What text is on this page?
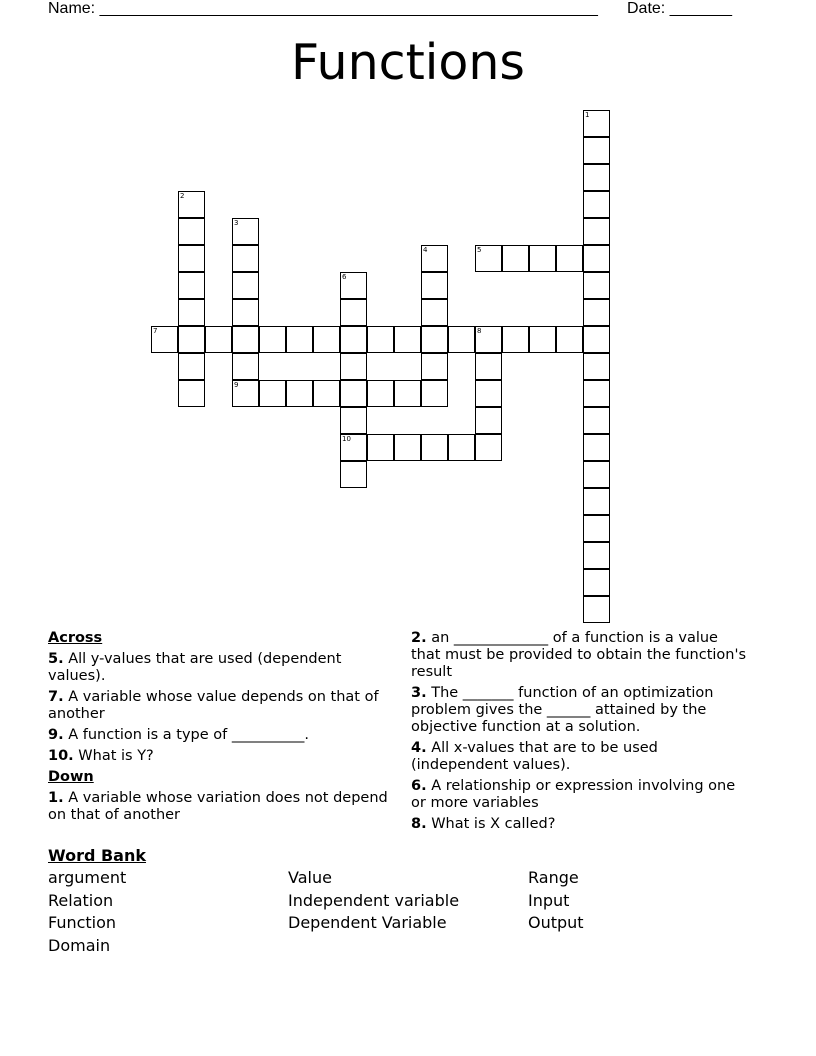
Name: ________________________________________________________ Date: _______
Functions
1
2
3
9
4	5
6
10
7	8
Across
5. All y-values that are used (dependent values).
7. A variable whose value depends on that of another
9. A function is a type of __________.
10. What is Y?
Down
1. A variable whose variation does not depend on that of another
2. an _____________ of a function is a value that must be provided to obtain the function's result
3. The _______ function of an optimization problem gives the ______ attained by the objective function at a solution.
4. All x-values that are to be used (independent values).
6. A relationship or expression involving one or more variables
8. What is X called?
Word Bank
argument
Relation
Function
Domain
Value
Independent variable
Dependent Variable
Range
Input
Output
